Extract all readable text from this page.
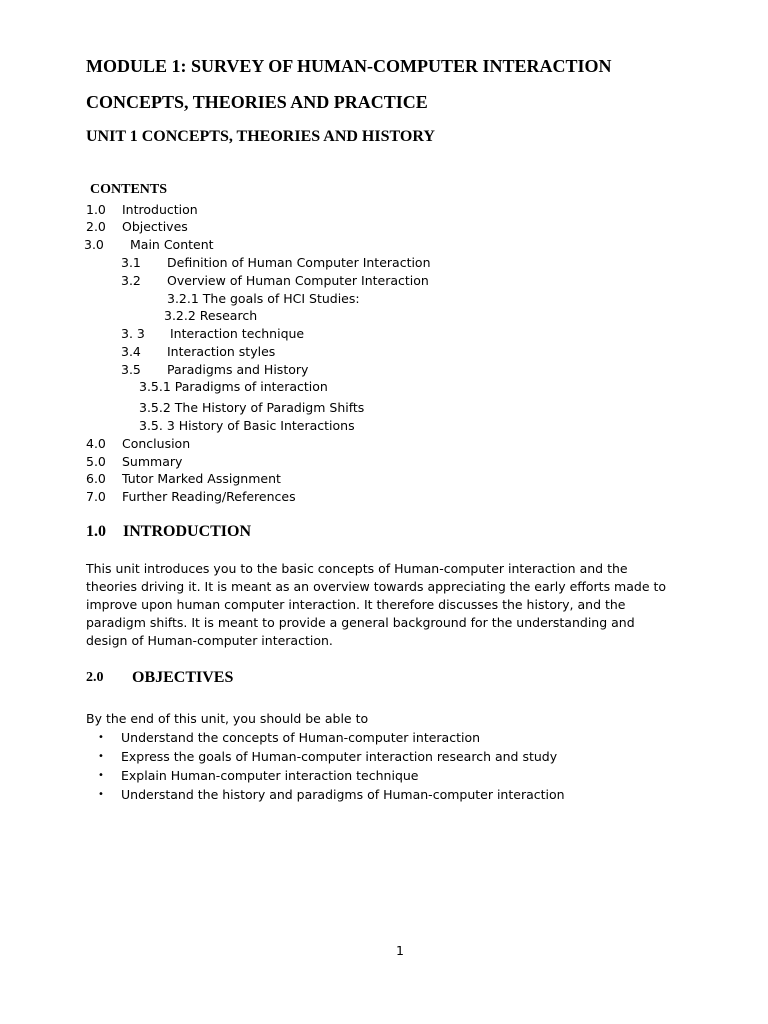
MODULE 1: SURVEY OF HUMAN-COMPUTER INTERACTION
CONCEPTS, THEORIES AND PRACTICE
UNIT 1 CONCEPTS, THEORIES AND HISTORY
CONTENTS
1.0 Introduction
2.0 Objectives
3.0 Main Content
3.1 Definition of Human Computer Interaction
3.2 Overview of Human Computer Interaction
3.2.1 The goals of HCI Studies:
3.2.2 Research
3. 3 Interaction technique
3.4 Interaction styles
3.5 Paradigms and History
3.5.1 Paradigms of interaction
3.5.2 The History of Paradigm Shifts
3.5. 3 History of Basic Interactions
4.0 Conclusion
5.0 Summary
6.0 Tutor Marked Assignment
7.0 Further Reading/References
1.0 INTRODUCTION
This unit introduces you to the basic concepts of Human-computer interaction and the theories driving it. It is meant as an overview towards appreciating the early efforts made to improve upon human computer interaction. It therefore discusses the history, and the paradigm shifts. It is meant to provide a general background for the understanding and design of Human-computer interaction.
2.0 OBJECTIVES
By the end of this unit, you should be able to
• Understand the concepts of Human-computer interaction
• Express the goals of Human-computer interaction research and study
• Explain Human-computer interaction technique
• Understand the history and paradigms of Human-computer interaction
1
